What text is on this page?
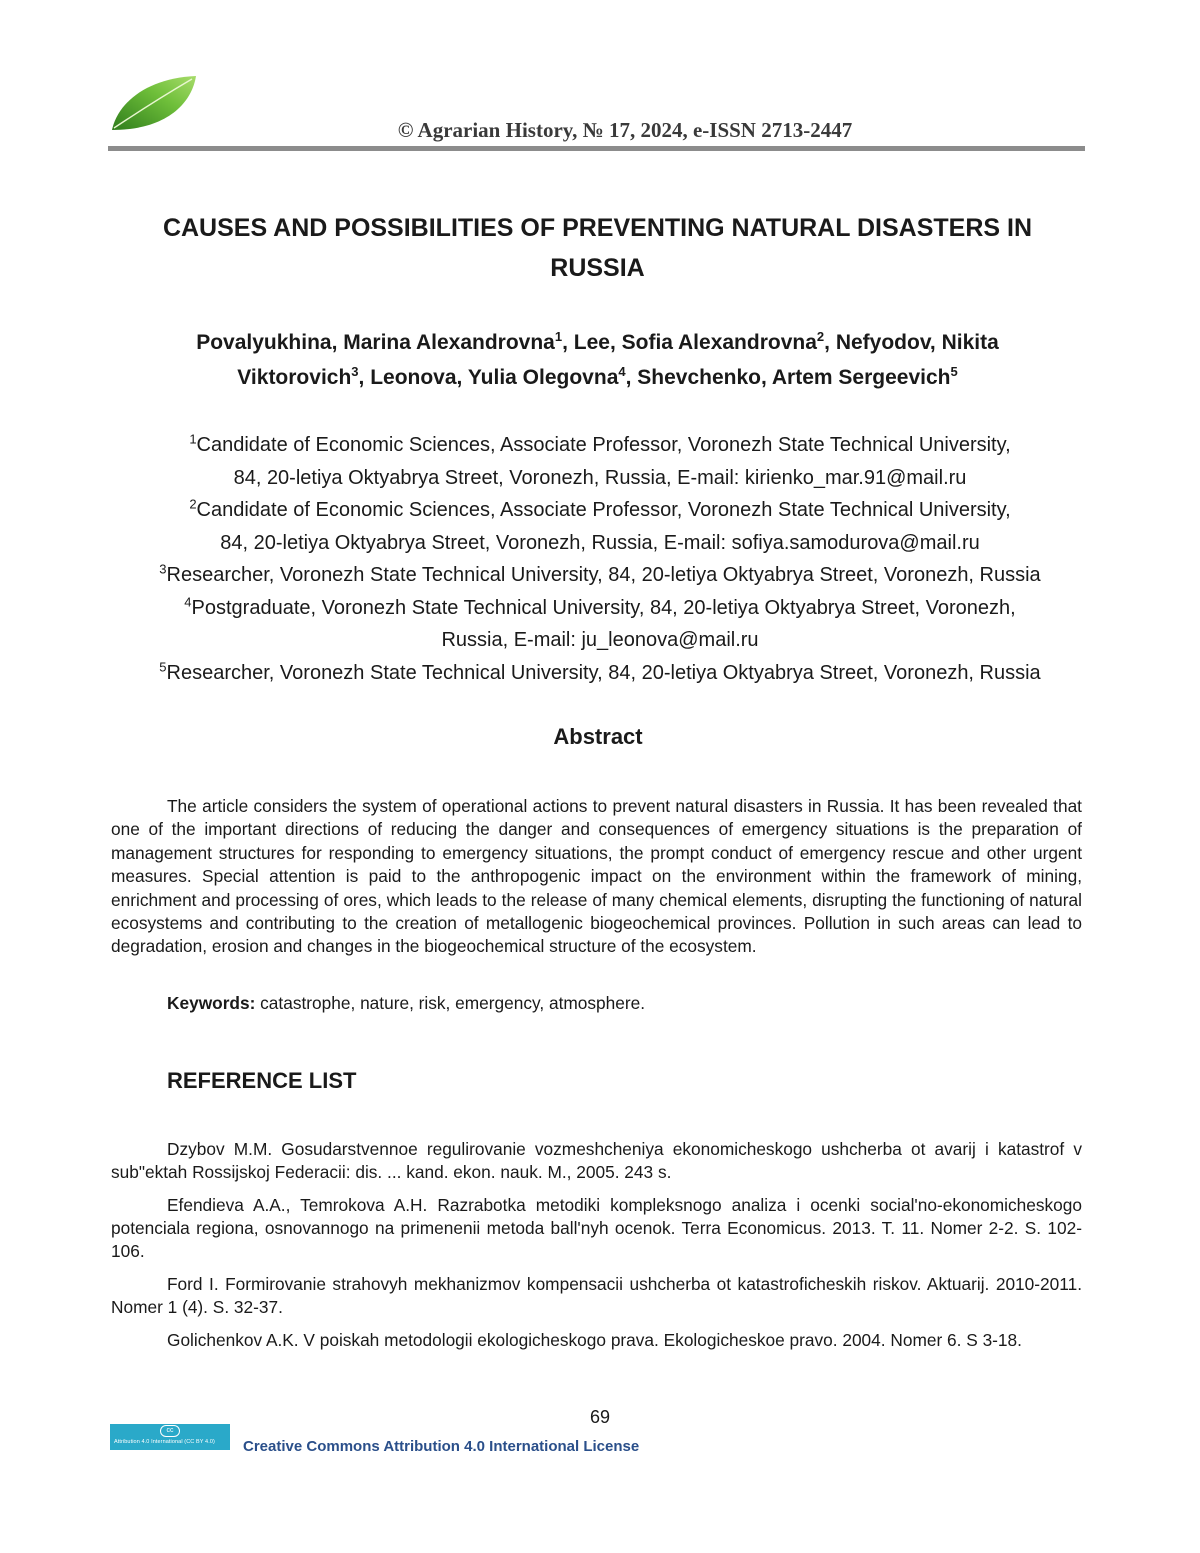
© Agrarian History, № 17, 2024, e-ISSN 2713-2447
CAUSES AND POSSIBILITIES OF PREVENTING NATURAL DISASTERS IN
RUSSIA
Povalyukhina, Marina Alexandrovna$^1$, Lee, Sofia Alexandrovna$^2$, Nefyodov, Nikita
Viktorovich$^3$, Leonova, Yulia Olegovna$^4$, Shevchenko, Artem Sergeevich$^5$
$^1$Candidate of Economic Sciences, Associate Professor, Voronezh State Technical University,
84, 20-letiya Oktyabrya Street, Voronezh, Russia, E-mail: kirienko_mar.91@mail.ru
$^2$Candidate of Economic Sciences, Associate Professor, Voronezh State Technical University,
84, 20-letiya Oktyabrya Street, Voronezh, Russia, E-mail: sofiya.samodurova@mail.ru
$^3$Researcher, Voronezh State Technical University, 84, 20-letiya Oktyabrya Street, Voronezh, Russia
$^4$Postgraduate, Voronezh State Technical University, 84, 20-letiya Oktyabrya Street, Voronezh,
Russia, E-mail: ju_leonova@mail.ru
$^5$Researcher, Voronezh State Technical University, 84, 20-letiya Oktyabrya Street, Voronezh, Russia
Abstract

The article considers the system of operational actions to prevent natural disasters in Russia. It has been revealed that one of the important directions of reducing the danger and consequences of emergency situations is the preparation of management structures for responding to emergency situations, the prompt conduct of emergency rescue and other urgent measures. Special attention is paid to the anthropogenic impact on the environment within the framework of mining, enrichment and processing of ores, which leads to the release of many chemical elements, disrupting the functioning of natural ecosystems and contributing to the creation of metallogenic biogeochemical provinces. Pollution in such areas can lead to degradation, erosion and changes in the biogeochemical structure of the ecosystem.

Keywords: catastrophe, nature, risk, emergency, atmosphere.
REFERENCE LIST

Dzybov M.M. Gosudarstvennoe regulirovanie vozmeshcheniya ekonomicheskogo ushcherba ot avarij i katastrof v sub"ektah Rossijskoj Federacii: dis. ... kand. ekon. nauk. M., 2005. 243 s.

Efendieva A.A., Temrokova A.H. Razrabotka metodiki kompleksnogo analiza i ocenki social'no-ekonomicheskogo potenciala regiona, osnovannogo na primenenii metoda ball'nyh ocenok. Terra Economicus. 2013. T. 11. Nomer 2-2. S. 102-106.

Ford I. Formirovanie strahovyh mekhanizmov kompensacii ushcherba ot katastroficheskih riskov. Aktuarij. 2010-2011. Nomer 1 (4). S. 32-37.

Golichenkov A.K. V poiskah metodologii ekologicheskogo prava. Ekologicheskoe pravo. 2004. Nomer 6. S 3-18.

69
cc
Attribution 4.0 International (CC BY 4.0) Creative Commons Attribution 4.0 International License
